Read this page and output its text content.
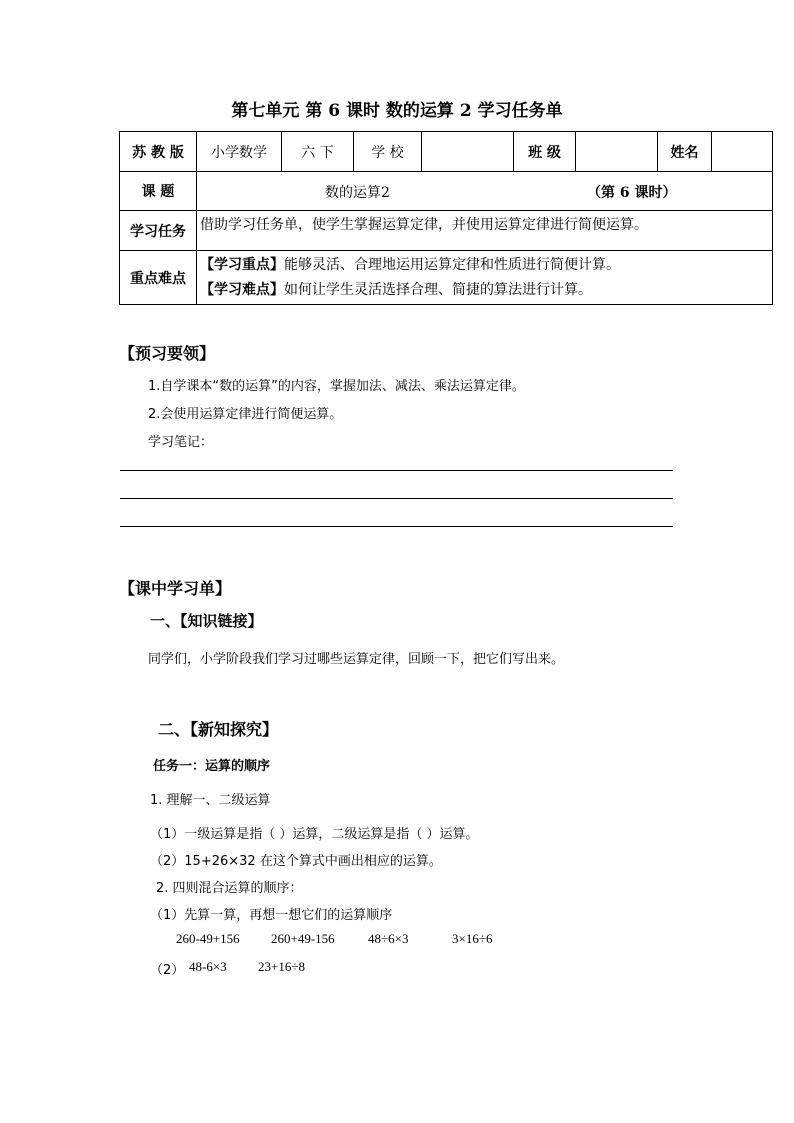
第七单元 第 6 课时 数的运算 2 学习任务单
苏 教 版	小学数学	六 下	学 校		班 级		姓名	
课 题	数的运算2 （第 6 课时）							

学习任务	借助学习任务单，使学生掌握运算定律，并使用运算定律进行简便运算。							
重点难点	【学习重点】能够灵活、合理地运用运算定律和性质进行简便计算。
【学习难点】如何让学生灵活选择合理、简捷的算法进行计算。							
【预习要领】
1.自学课本“数的运算”的内容，掌握加法、减法、乘法运算定律。
2.会使用运算定律进行简便运算。
学习笔记：
【课中学习单】
一、【知识链接】
同学们，小学阶段我们学习过哪些运算定律，回顾一下，把它们写出来。
二、【新知探究】
任务一：运算的顺序
1. 理解一、二级运算
（1）一级运算是指（ ）运算，二级运算是指（ ）运算。
（2）15+26×32 在这个算式中画出相应的运算。
2. 四则混合运算的顺序：
（1）先算一算，再想一想它们的运算顺序
260-49+156 260+49-156	48÷6×3	3×16÷6
（2） 48-6×3 23+16÷8
